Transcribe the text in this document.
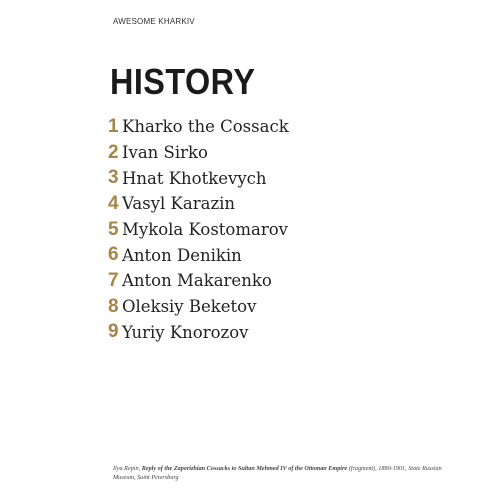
AWESOME KHARKIV
HISTORY
1 Kharko the Cossack
2 Ivan Sirko
3 Hnat Khotkevych
4 Vasyl Karazin
5 Mykola Kostomarov
6 Anton Denikin
7 Anton Makarenko
8 Oleksiy Beketov
9 Yuriy Knorozov
Ilya Repin, Reply of the Zaporizhian Cossacks to Sultan Mehmed IV of the Ottoman Empire (fragment), 1880-1901, State Russian Museum, Saint Petersburg
